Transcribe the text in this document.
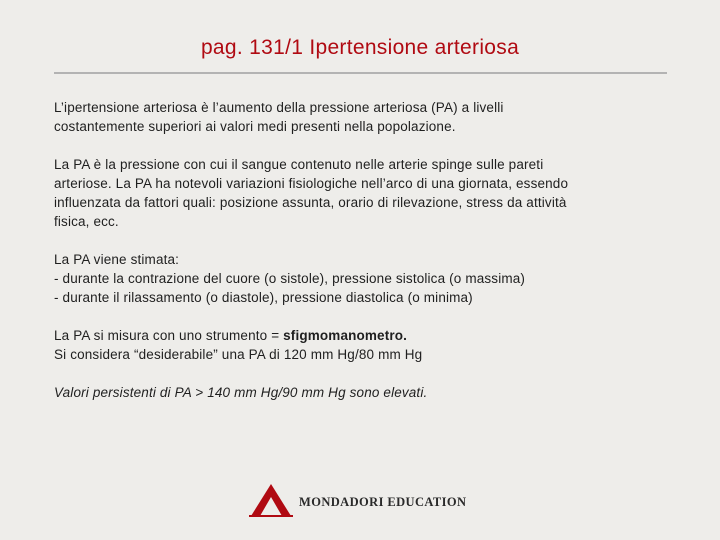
pag. 131/1 Ipertensione arteriosa

L’ipertensione arteriosa è l’aumento della pressione arteriosa (PA) a livelli
costantemente superiori ai valori medi presenti nella popolazione.

La PA è la pressione con cui il sangue contenuto nelle arterie spinge sulle pareti
arteriose. La PA ha notevoli variazioni fisiologiche nell’arco di una giornata, essendo
influenzata da fattori quali: posizione assunta, orario di rilevazione, stress da attività
fisica, ecc.

La PA viene stimata:
- durante la contrazione del cuore (o sistole), pressione sistolica (o massima)
- durante il rilassamento (o diastole), pressione diastolica (o minima)

La PA si misura con uno strumento = sfigmomanometro.
Si considera “desiderabile” una PA di 120 mm Hg/80 mm Hg

Valori persistenti di PA > 140 mm Hg/90 mm Hg sono elevati.

MONDADORI EDUCATION
